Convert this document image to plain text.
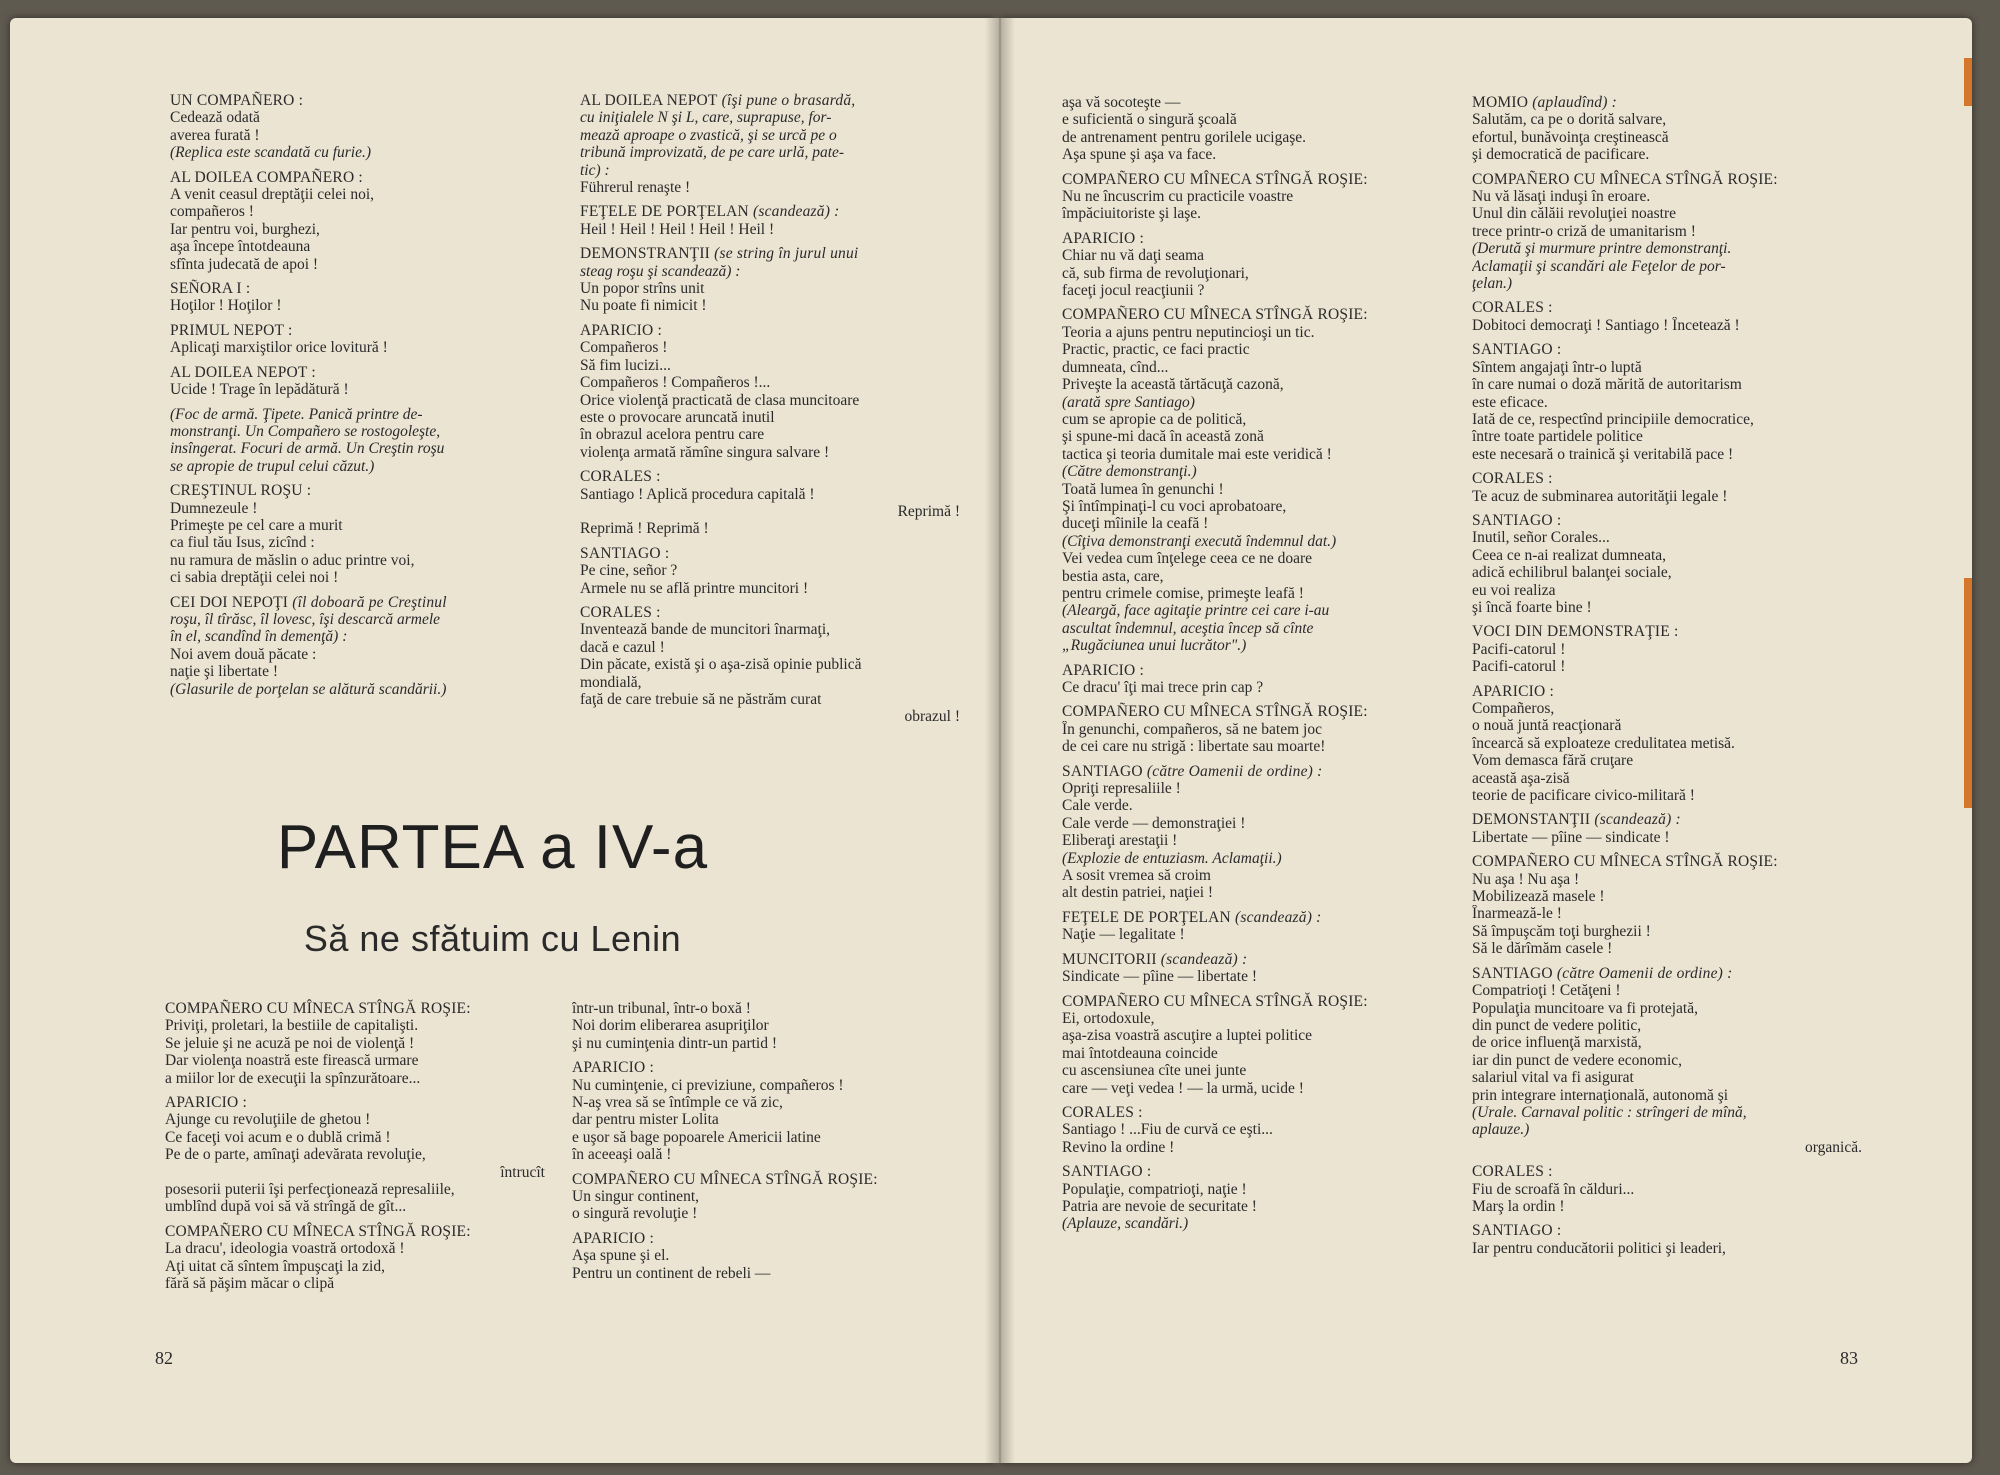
UN COMPAÑERO :
Cedează odată
averea furată !
(Replica este scandată cu furie.)
AL DOILEA COMPAÑERO :
A venit ceasul dreptăţii celei noi,
compañeros !
Iar pentru voi, burghezi,
aşa începe întotdeauna
sfînta judecată de apoi !
SEÑORA I :
Hoţilor ! Hoţilor !
PRIMUL NEPOT :
Aplicaţi marxiştilor orice lovitură !
AL DOILEA NEPOT :
Ucide ! Trage în lepădătură !
(Foc de armă. Ţipete. Panică printre de-
monstranţi. Un Compañero se rostogoleşte,
insîngerat. Focuri de armă. Un Creştin roşu
se apropie de trupul celui căzut.)
CREŞTINUL ROŞU :
Dumnezeule !
Primeşte pe cel care a murit
ca fiul tău Isus, zicînd :
nu ramura de măslin o aduc printre voi,
ci sabia dreptăţii celei noi !
CEI DOI NEPOŢI (îl doboară pe Creştinul
roşu, îl tîrăsc, îl lovesc, îşi descarcă armele
în el, scandînd în demenţă) :
Noi avem două păcate :
naţie şi libertate !
(Glasurile de porţelan se alătură scandării.)
AL DOILEA NEPOT (îşi pune o brasardă,
cu iniţialele N şi L, care, suprapuse, for-
mează aproape o zvastică, şi se urcă pe o
tribună improvizată, de pe care urlă, pate-
tic) :
Führerul renaşte !
FEŢELE DE PORŢELAN (scandează) :
Heil ! Heil ! Heil ! Heil ! Heil !
DEMONSTRANŢII (se string în jurul unui
steag roşu şi scandează) :
Un popor strîns unit
Nu poate fi nimicit !
APARICIO :
Compañeros !
Să fim lucizi...
Compañeros ! Compañeros !...
Orice violenţă practicată de clasa muncitoare
este o provocare aruncată inutil
în obrazul acelora pentru care
violenţa armată rămîne singura salvare !
CORALES :
Santiago ! Aplică procedura capitală !
Reprimă !
Reprimă ! Reprimă !
SANTIAGO :
Pe cine, señor ?
Armele nu se află printre muncitori !
CORALES :
Inventează bande de muncitori înarmaţi,
dacă e cazul !
Din păcate, există şi o aşa-zisă opinie publică
mondială,
faţă de care trebuie să ne păstrăm curat
obrazul !
PARTEA a IV-a
Să ne sfătuim cu Lenin
COMPAÑERO CU MÎNECA STÎNGĂ ROŞIE:
Priviţi, proletari, la bestiile de capitalişti.
Se jeluie şi ne acuză pe noi de violenţă !
Dar violenţa noastră este firească urmare
a miilor lor de execuţii la spînzurătoare...
APARICIO :
Ajunge cu revoluţiile de ghetou !
Ce faceţi voi acum e o dublă crimă !
Pe de o parte, amînaţi adevărata revoluţie,
întrucît
posesorii puterii îşi perfecţionează represaliile,
umblînd după voi să vă strîngă de gît...
COMPAÑERO CU MÎNECA STÎNGĂ ROŞIE:
La dracu', ideologia voastră ortodoxă !
Aţi uitat că sîntem împuşcaţi la zid,
fără să păşim măcar o clipă
într-un tribunal, într-o boxă !
Noi dorim eliberarea asupriţilor
şi nu cuminţenia dintr-un partid !
APARICIO :
Nu cuminţenie, ci previziune, compañeros !
N-aş vrea să se întîmple ce vă zic,
dar pentru mister Lolita
e uşor să bage popoarele Americii latine
în aceeaşi oală !
COMPAÑERO CU MÎNECA STÎNGĂ ROŞIE:
Un singur continent,
o singură revoluţie !
APARICIO :
Aşa spune şi el.
Pentru un continent de rebeli —
aşa vă socoteşte —
e suficientă o singură şcoală
de antrenament pentru gorilele ucigaşe.
Aşa spune şi aşa va face.
COMPAÑERO CU MÎNECA STÎNGĂ ROŞIE:
Nu ne încuscrim cu practicile voastre
împăciuitoriste şi laşe.
APARICIO :
Chiar nu vă daţi seama
că, sub firma de revoluţionari,
faceţi jocul reacţiunii ?
COMPAÑERO CU MÎNECA STÎNGĂ ROŞIE:
Teoria a ajuns pentru neputincioşi un tic.
Practic, practic, ce faci practic
dumneata, cînd...
Priveşte la această tărtăcuţă cazonă,
(arată spre Santiago)
cum se apropie ca de politică,
şi spune-mi dacă în această zonă
tactica şi teoria dumitale mai este veridică !
(Către demonstranţi.)
Toată lumea în genunchi !
Şi întîmpinaţi-l cu voci aprobatoare,
duceţi mîinile la ceafă !
(Cîţiva demonstranţi execută îndemnul dat.)
Vei vedea cum înţelege ceea ce ne doare
bestia asta, care,
pentru crimele comise, primeşte leafă !
(Aleargă, face agitaţie printre cei care i-au
ascultat îndemnul, aceştia încep să cînte
„Rugăciunea unui lucrător".)
APARICIO :
Ce dracu' îţi mai trece prin cap ?
COMPAÑERO CU MÎNECA STÎNGĂ ROŞIE:
În genunchi, compañeros, să ne batem joc
de cei care nu strigă : libertate sau moarte!
SANTIAGO (către Oamenii de ordine) :
Opriţi represaliile !
Cale verde.
Cale verde — demonstraţiei !
Eliberaţi arestaţii !
(Explozie de entuziasm. Aclamaţii.)
A sosit vremea să croim
alt destin patriei, naţiei !
FEŢELE DE PORŢELAN (scandează) :
Naţie — legalitate !
MUNCITORII (scandează) :
Sindicate — pîine — libertate !
COMPAÑERO CU MÎNECA STÎNGĂ ROŞIE:
Ei, ortodoxule,
aşa-zisa voastră ascuţire a luptei politice
mai întotdeauna coincide
cu ascensiunea cîte unei junte
care — veţi vedea ! — la urmă, ucide !
CORALES :
Santiago ! ...Fiu de curvă ce eşti...
Revino la ordine !
SANTIAGO :
Populaţie, compatrioţi, naţie !
Patria are nevoie de securitate !
(Aplauze, scandări.)
MOMIO (aplaudînd) :
Salutăm, ca pe o dorită salvare,
efortul, bunăvoinţa creştinească
şi democratică de pacificare.
COMPAÑERO CU MÎNECA STÎNGĂ ROŞIE:
Nu vă lăsaţi induşi în eroare.
Unul din călăii revoluţiei noastre
trece printr-o criză de umanitarism !
(Derută şi murmure printre demonstranţi.
Aclamaţii şi scandări ale Feţelor de por-
ţelan.)
CORALES :
Dobitoci democraţi ! Santiago ! Încetează !
SANTIAGO :
Sîntem angajaţi într-o luptă
în care numai o doză mărită de autoritarism
este eficace.
Iată de ce, respectînd principiile democratice,
între toate partidele politice
este necesară o trainică şi veritabilă pace !
CORALES :
Te acuz de subminarea autorităţii legale !
SANTIAGO :
Inutil, señor Corales...
Ceea ce n-ai realizat dumneata,
adică echilibrul balanţei sociale,
eu voi realiza
şi încă foarte bine !
VOCI DIN DEMONSTRAŢIE :
Pacifi-catorul !
Pacifi-catorul !
APARICIO :
Compañeros,
o nouă juntă reacţionară
încearcă să exploateze credulitatea metisă.
Vom demasca fără cruţare
această aşa-zisă
teorie de pacificare civico-militară !
DEMONSTANŢII (scandează) :
Libertate — pîine — sindicate !
COMPAÑERO CU MÎNECA STÎNGĂ ROŞIE:
Nu aşa ! Nu aşa !
Mobilizează masele !
Înarmează-le !
Să împuşcăm toţi burghezii !
Să le dărîmăm casele !
SANTIAGO (către Oamenii de ordine) :
Compatrioţi ! Cetăţeni !
Populaţia muncitoare va fi protejată,
din punct de vedere politic,
de orice influenţă marxistă,
iar din punct de vedere economic,
salariul vital va fi asigurat
prin integrare internaţională, autonomă şi
(Urale. Carnaval politic : strîngeri de mînă,
aplauze.)
organică.
CORALES :
Fiu de scroafă în călduri...
Marş la ordin !
SANTIAGO :
Iar pentru conducătorii politici şi leaderi,
82	83
